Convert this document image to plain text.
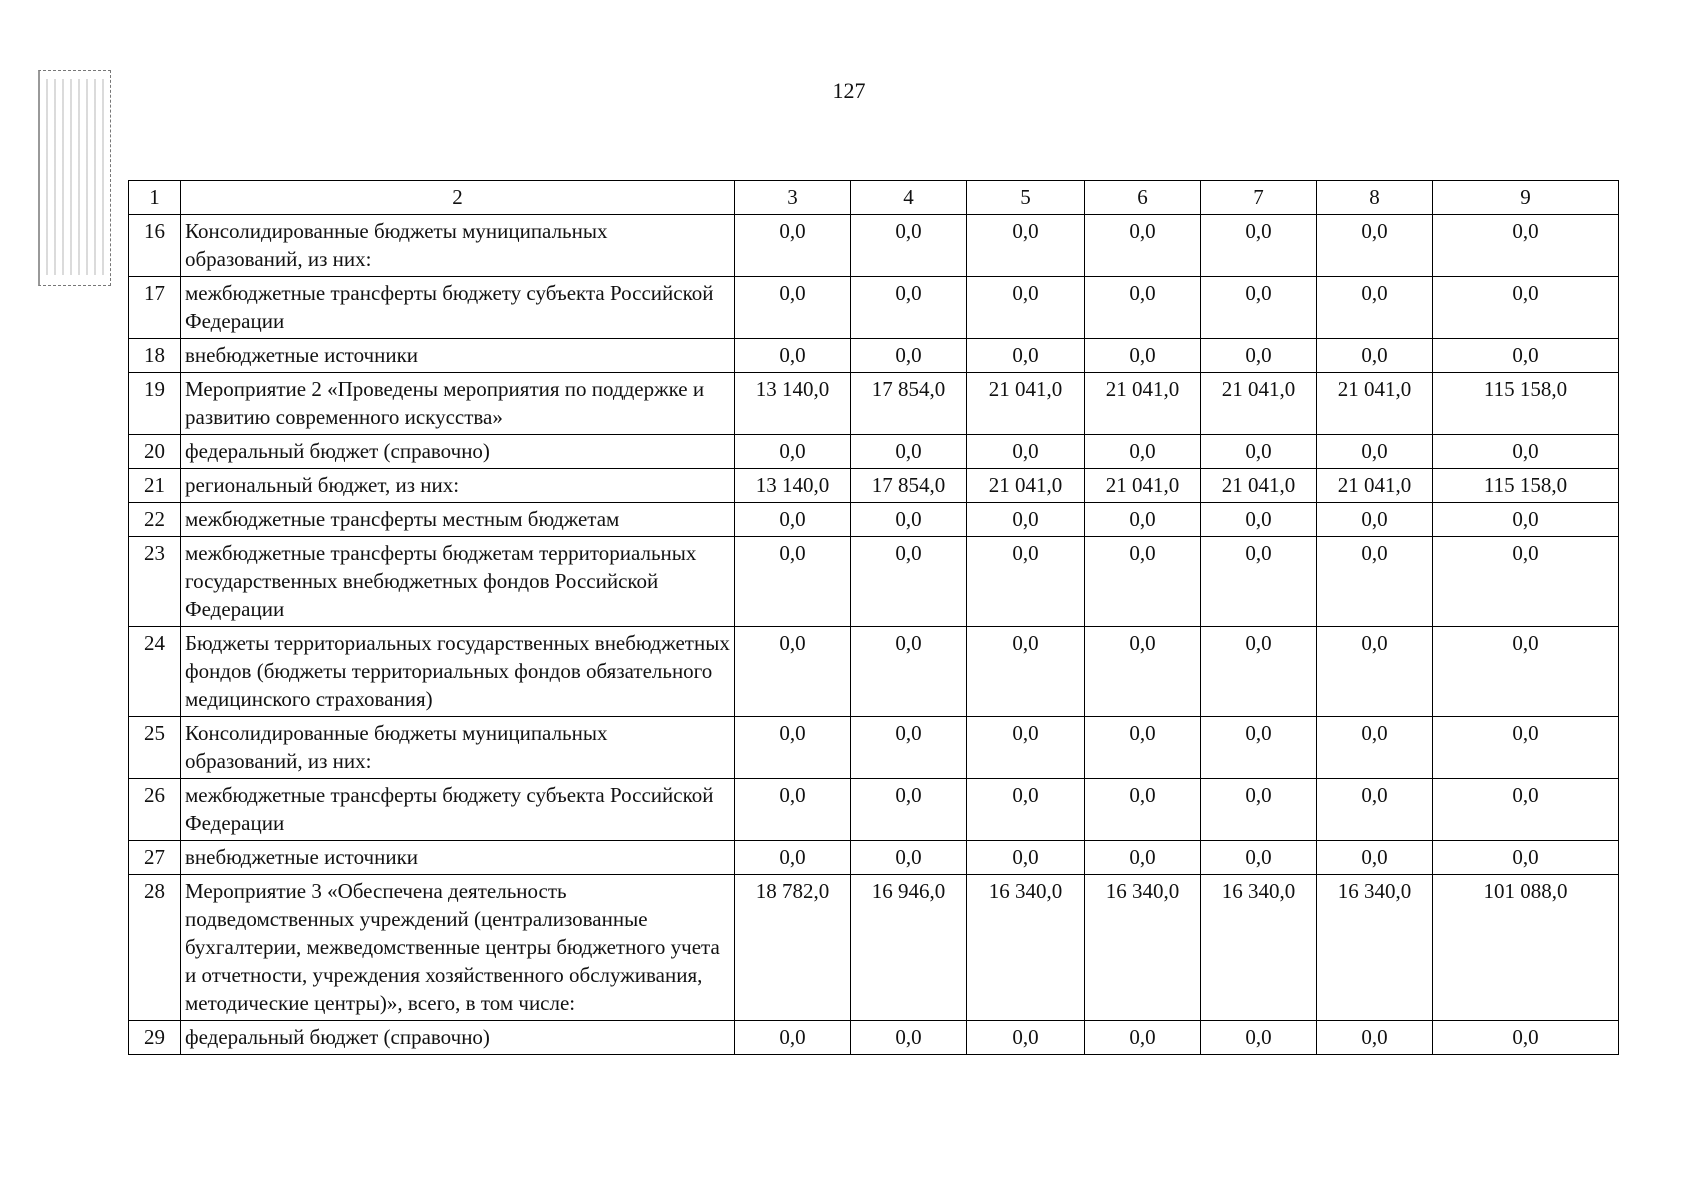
127
1	2	3	4	5	6	7	8	9
16	Консолидированные бюджеты муниципальных образований, из них:	0,0	0,0	0,0	0,0	0,0	0,0	0,0
17	межбюджетные трансферты бюджету субъекта Российской Федерации	0,0	0,0	0,0	0,0	0,0	0,0	0,0
18	внебюджетные источники	0,0	0,0	0,0	0,0	0,0	0,0	0,0
19	Мероприятие 2 «Проведены мероприятия по поддержке и развитию современного искусства»	13 140,0	17 854,0	21 041,0	21 041,0	21 041,0	21 041,0	115 158,0
20	федеральный бюджет (справочно)	0,0	0,0	0,0	0,0	0,0	0,0	0,0
21	региональный бюджет, из них:	13 140,0	17 854,0	21 041,0	21 041,0	21 041,0	21 041,0	115 158,0
22	межбюджетные трансферты местным бюджетам	0,0	0,0	0,0	0,0	0,0	0,0	0,0
23	межбюджетные трансферты бюджетам территориальных государственных внебюджетных фондов Российской Федерации	0,0	0,0	0,0	0,0	0,0	0,0	0,0
24	Бюджеты территориальных государственных внебюджетных фондов (бюджеты территориальных фондов обязательного медицинского страхования)	0,0	0,0	0,0	0,0	0,0	0,0	0,0
25	Консолидированные бюджеты муниципальных образований, из них:	0,0	0,0	0,0	0,0	0,0	0,0	0,0
26	межбюджетные трансферты бюджету субъекта Российской Федерации	0,0	0,0	0,0	0,0	0,0	0,0	0,0
27	внебюджетные источники	0,0	0,0	0,0	0,0	0,0	0,0	0,0
28	Мероприятие 3 «Обеспечена деятельность подведомственных учреждений (централизованные бухгалтерии, межведомственные центры бюджетного учета и отчетности, учреждения хозяйственного обслуживания, методические центры)», всего, в том числе:	18 782,0	16 946,0	16 340,0	16 340,0	16 340,0	16 340,0	101 088,0
29	федеральный бюджет (справочно)	0,0	0,0	0,0	0,0	0,0	0,0	0,0
